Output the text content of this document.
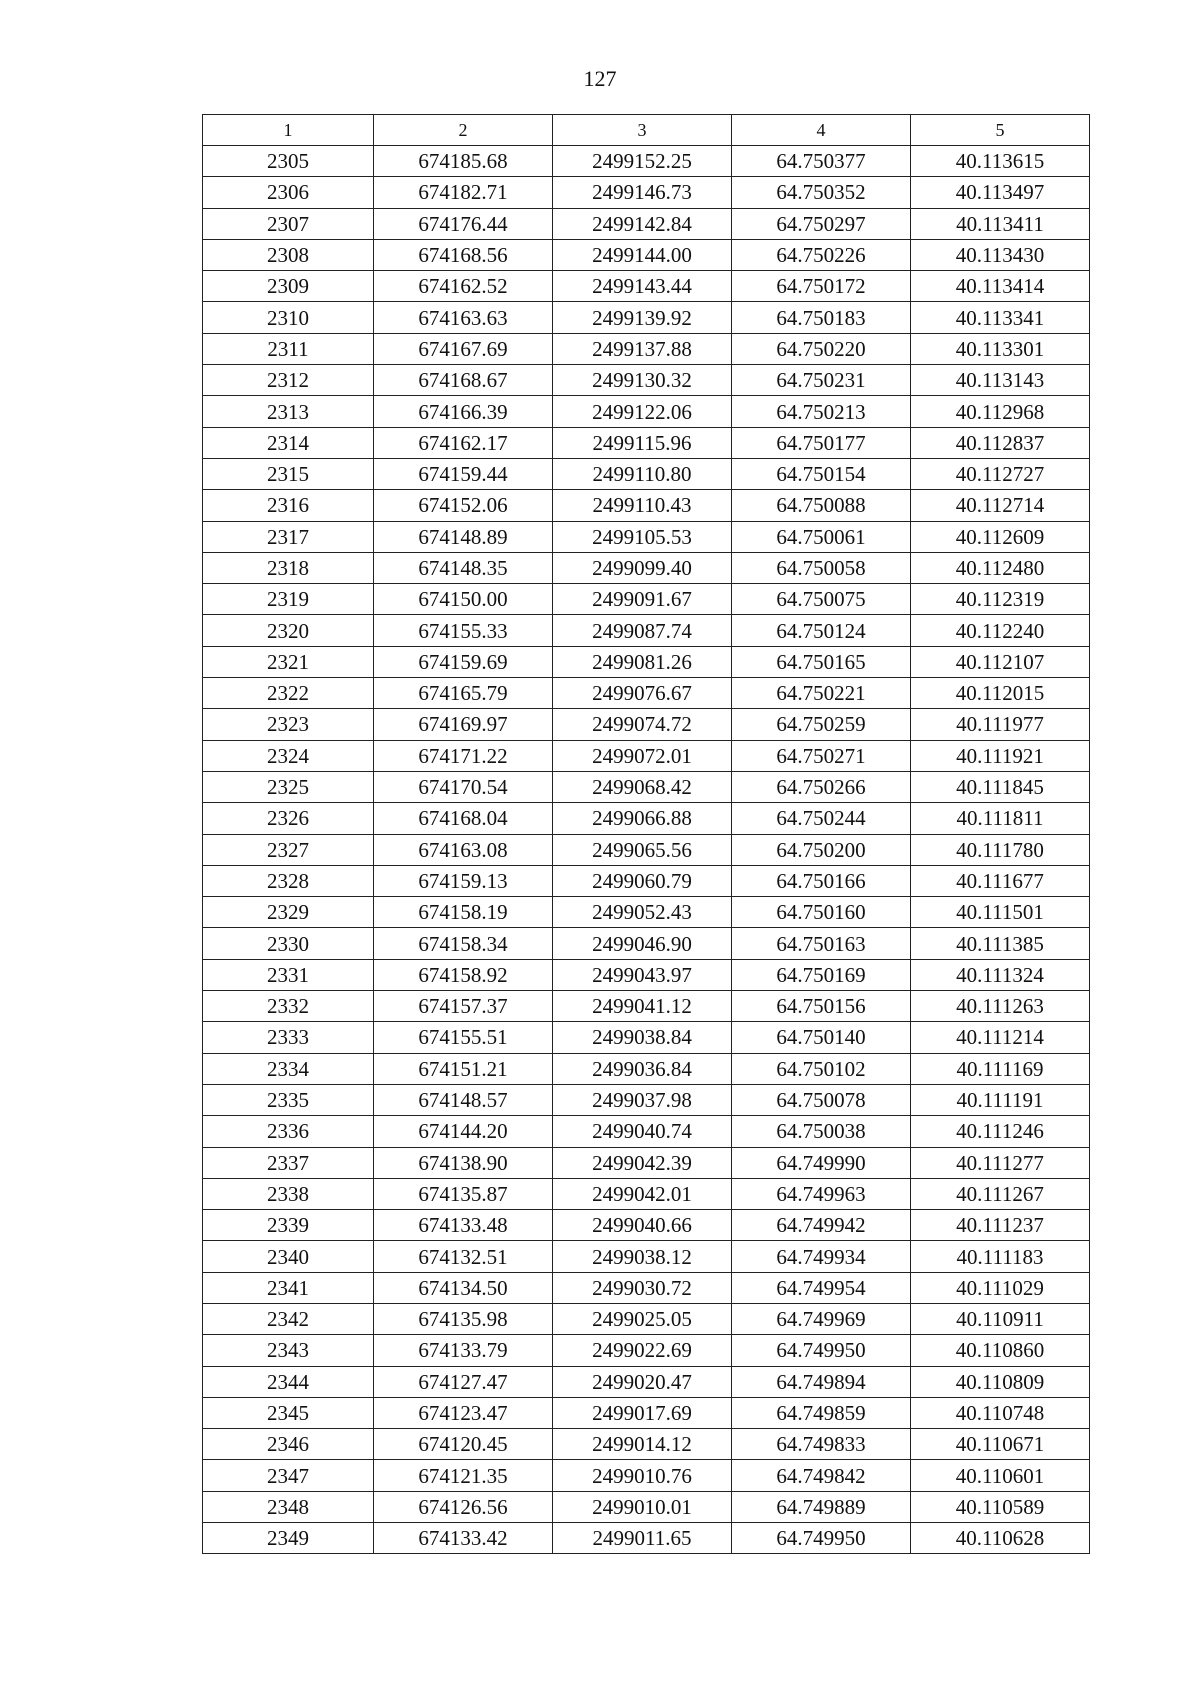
127
1	2	3	4	5
2305	674185.68	2499152.25	64.750377	40.113615
2306	674182.71	2499146.73	64.750352	40.113497
2307	674176.44	2499142.84	64.750297	40.113411
2308	674168.56	2499144.00	64.750226	40.113430
2309	674162.52	2499143.44	64.750172	40.113414
2310	674163.63	2499139.92	64.750183	40.113341
2311	674167.69	2499137.88	64.750220	40.113301
2312	674168.67	2499130.32	64.750231	40.113143
2313	674166.39	2499122.06	64.750213	40.112968
2314	674162.17	2499115.96	64.750177	40.112837
2315	674159.44	2499110.80	64.750154	40.112727
2316	674152.06	2499110.43	64.750088	40.112714
2317	674148.89	2499105.53	64.750061	40.112609
2318	674148.35	2499099.40	64.750058	40.112480
2319	674150.00	2499091.67	64.750075	40.112319
2320	674155.33	2499087.74	64.750124	40.112240
2321	674159.69	2499081.26	64.750165	40.112107
2322	674165.79	2499076.67	64.750221	40.112015
2323	674169.97	2499074.72	64.750259	40.111977
2324	674171.22	2499072.01	64.750271	40.111921
2325	674170.54	2499068.42	64.750266	40.111845
2326	674168.04	2499066.88	64.750244	40.111811
2327	674163.08	2499065.56	64.750200	40.111780
2328	674159.13	2499060.79	64.750166	40.111677
2329	674158.19	2499052.43	64.750160	40.111501
2330	674158.34	2499046.90	64.750163	40.111385
2331	674158.92	2499043.97	64.750169	40.111324
2332	674157.37	2499041.12	64.750156	40.111263
2333	674155.51	2499038.84	64.750140	40.111214
2334	674151.21	2499036.84	64.750102	40.111169
2335	674148.57	2499037.98	64.750078	40.111191
2336	674144.20	2499040.74	64.750038	40.111246
2337	674138.90	2499042.39	64.749990	40.111277
2338	674135.87	2499042.01	64.749963	40.111267
2339	674133.48	2499040.66	64.749942	40.111237
2340	674132.51	2499038.12	64.749934	40.111183
2341	674134.50	2499030.72	64.749954	40.111029
2342	674135.98	2499025.05	64.749969	40.110911
2343	674133.79	2499022.69	64.749950	40.110860
2344	674127.47	2499020.47	64.749894	40.110809
2345	674123.47	2499017.69	64.749859	40.110748
2346	674120.45	2499014.12	64.749833	40.110671
2347	674121.35	2499010.76	64.749842	40.110601
2348	674126.56	2499010.01	64.749889	40.110589
2349	674133.42	2499011.65	64.749950	40.110628
